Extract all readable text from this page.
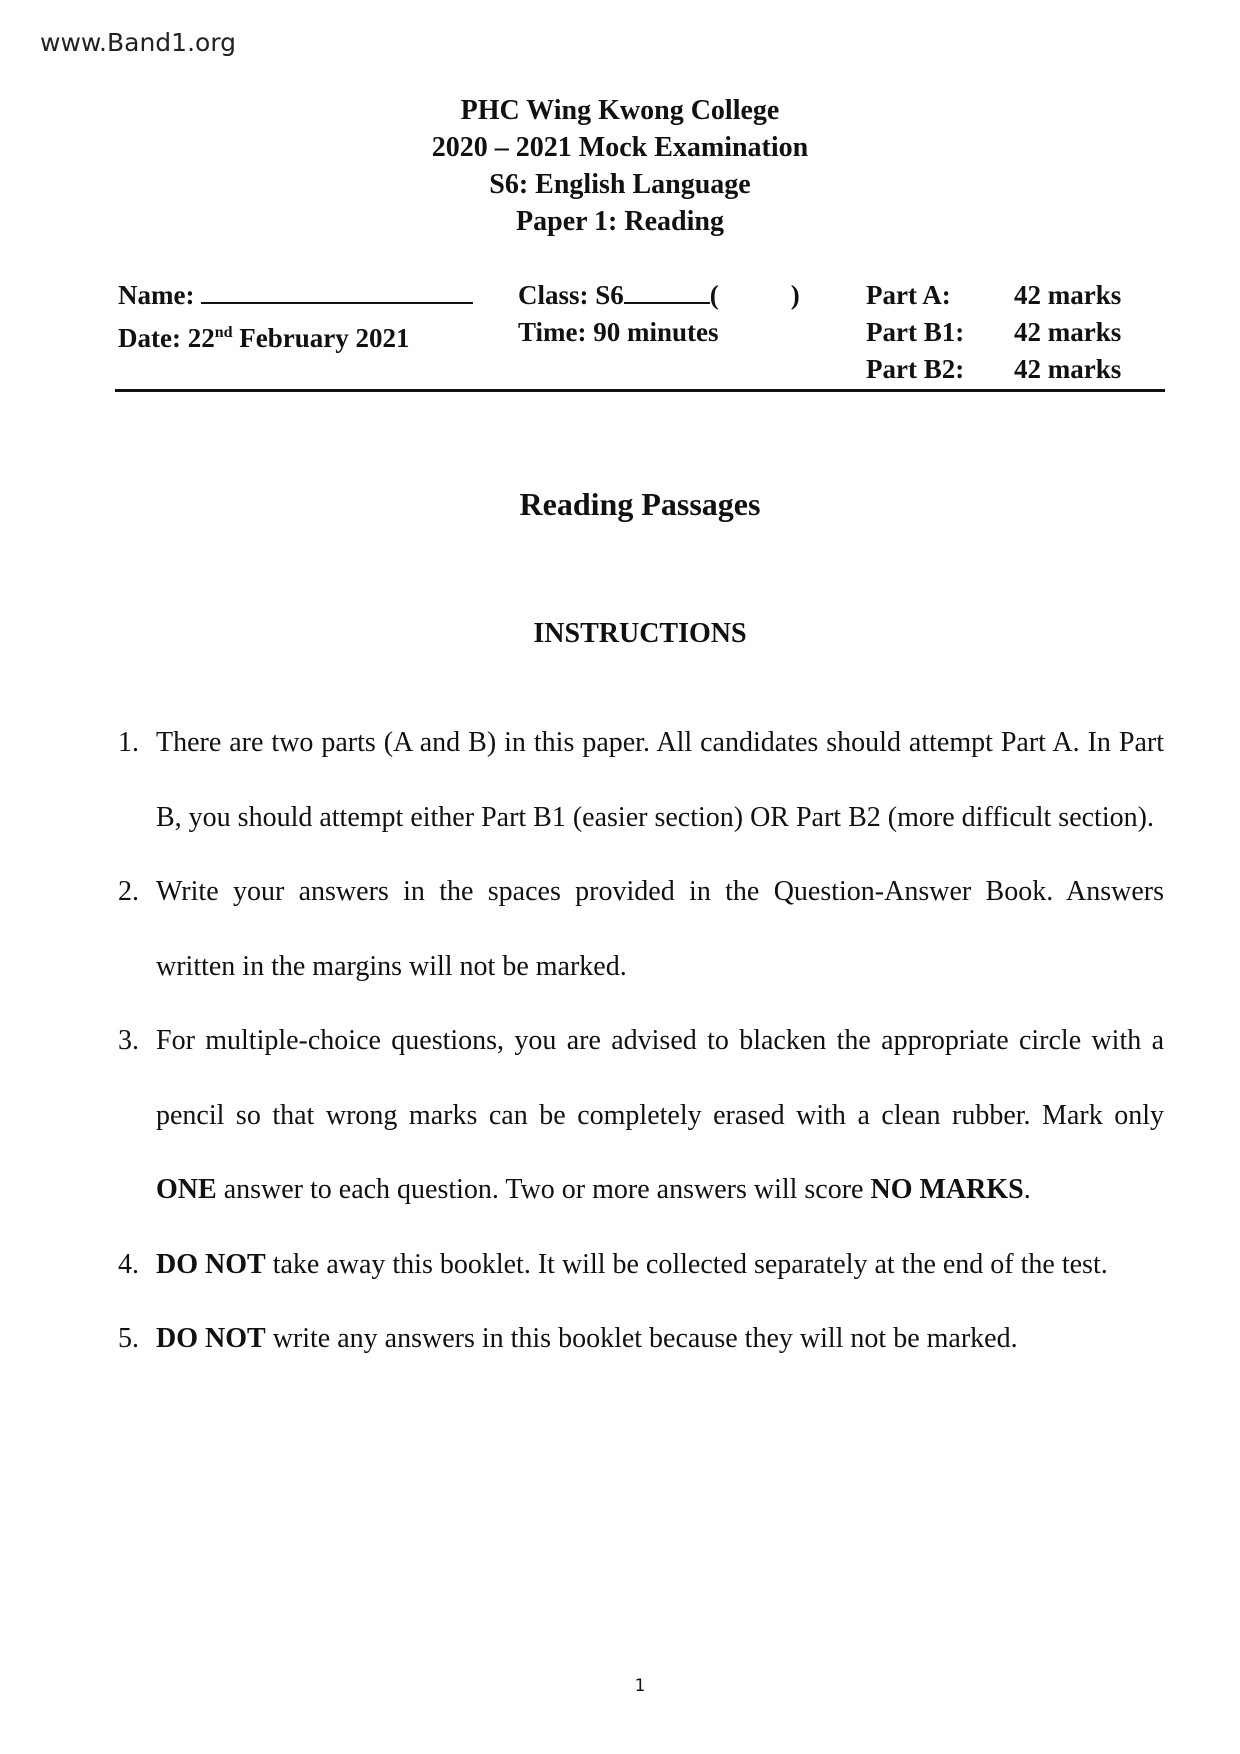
www.Band1.org
PHC Wing Kwong College
2020 – 2021 Mock Examination
S6: English Language
Paper 1: Reading
Name:
Date: 22nd February 2021
Class: S6	(	)
Time: 90 minutes
Part A:
Part B1:
Part B2:
42 marks
42 marks
42 marks
Reading Passages
INSTRUCTIONS
1. There are two parts (A and B) in this paper. All candidates should attempt Part A. In Part B, you should attempt either Part B1 (easier section) OR Part B2 (more difficult section).
2. Write your answers in the spaces provided in the Question-Answer Book. Answers written in the margins will not be marked.
3. For multiple-choice questions, you are advised to blacken the appropriate circle with a pencil so that wrong marks can be completely erased with a clean rubber. Mark only ONE answer to each question. Two or more answers will score NO MARKS.
4. DO NOT take away this booklet. It will be collected separately at the end of the test.
5. DO NOT write any answers in this booklet because they will not be marked.
1
